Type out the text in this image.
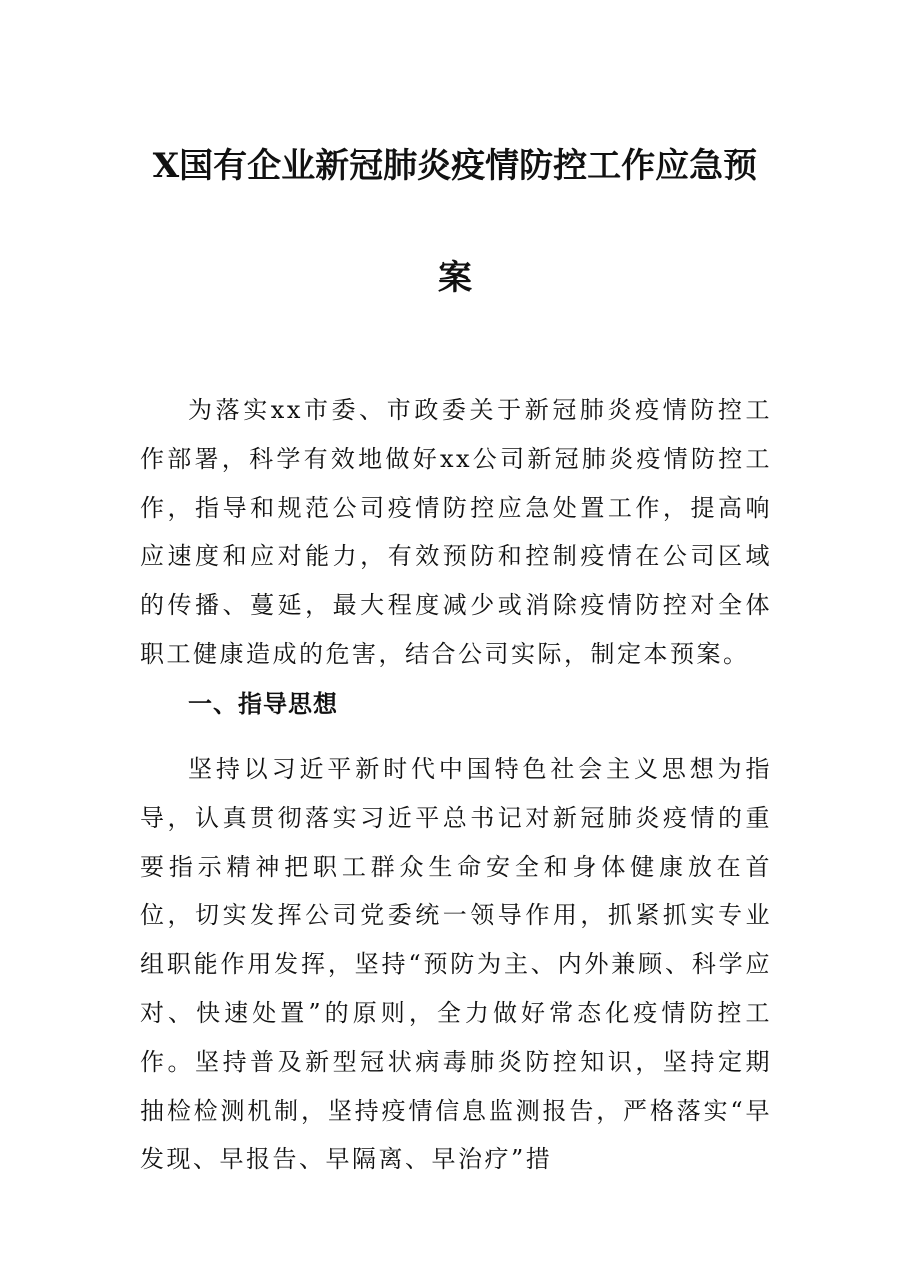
X国有企业新冠肺炎疫情防控工作应急预
案
为落实xx市委、市政委关于新冠肺炎疫情防控工作部署，科学有效地做好xx公司新冠肺炎疫情防控工作，指导和规范公司疫情防控应急处置工作，提高响应速度和应对能力，有效预防和控制疫情在公司区域的传播、蔓延，最大程度减少或消除疫情防控对全体职工健康造成的危害，结合公司实际，制定本预案。
一、指导思想
坚持以习近平新时代中国特色社会主义思想为指导，认真贯彻落实习近平总书记对新冠肺炎疫情的重要指示精神把职工群众生命安全和身体健康放在首位，切实发挥公司党委统一领导作用，抓紧抓实专业组职能作用发挥，坚持“预防为主、内外兼顾、科学应对、快速处置”的原则，全力做好常态化疫情防控工作。坚持普及新型冠状病毒肺炎防控知识，坚持定期抽检检测机制，坚持疫情信息监测报告，严格落实“早发现、早报告、早隔离、早治疗”措
